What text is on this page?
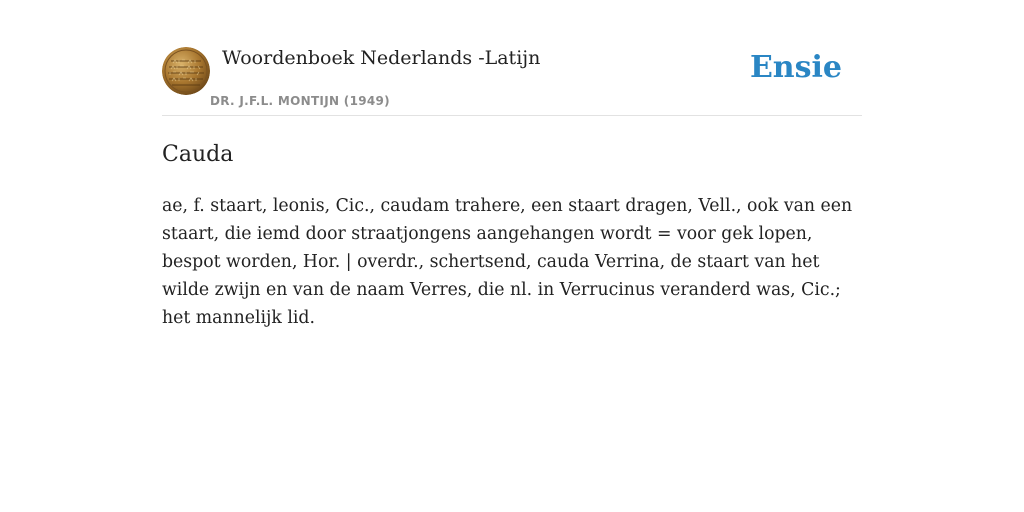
Woordenboek Nederlands -Latijn
DR. J.F.L. MONTIJN (1949)
Ensie
Cauda

ae, f. staart, leonis, Cic., caudam trahere, een staart dragen, Vell., ook van een staart, die iemd door straatjongens aangehangen wordt = voor gek lopen, bespot worden, Hor. | overdr., schertsend, cauda Verrina, de staart van het wilde zwijn en van de naam Verres, die nl. in Verrucinus veranderd was, Cic.; het mannelijk lid.
